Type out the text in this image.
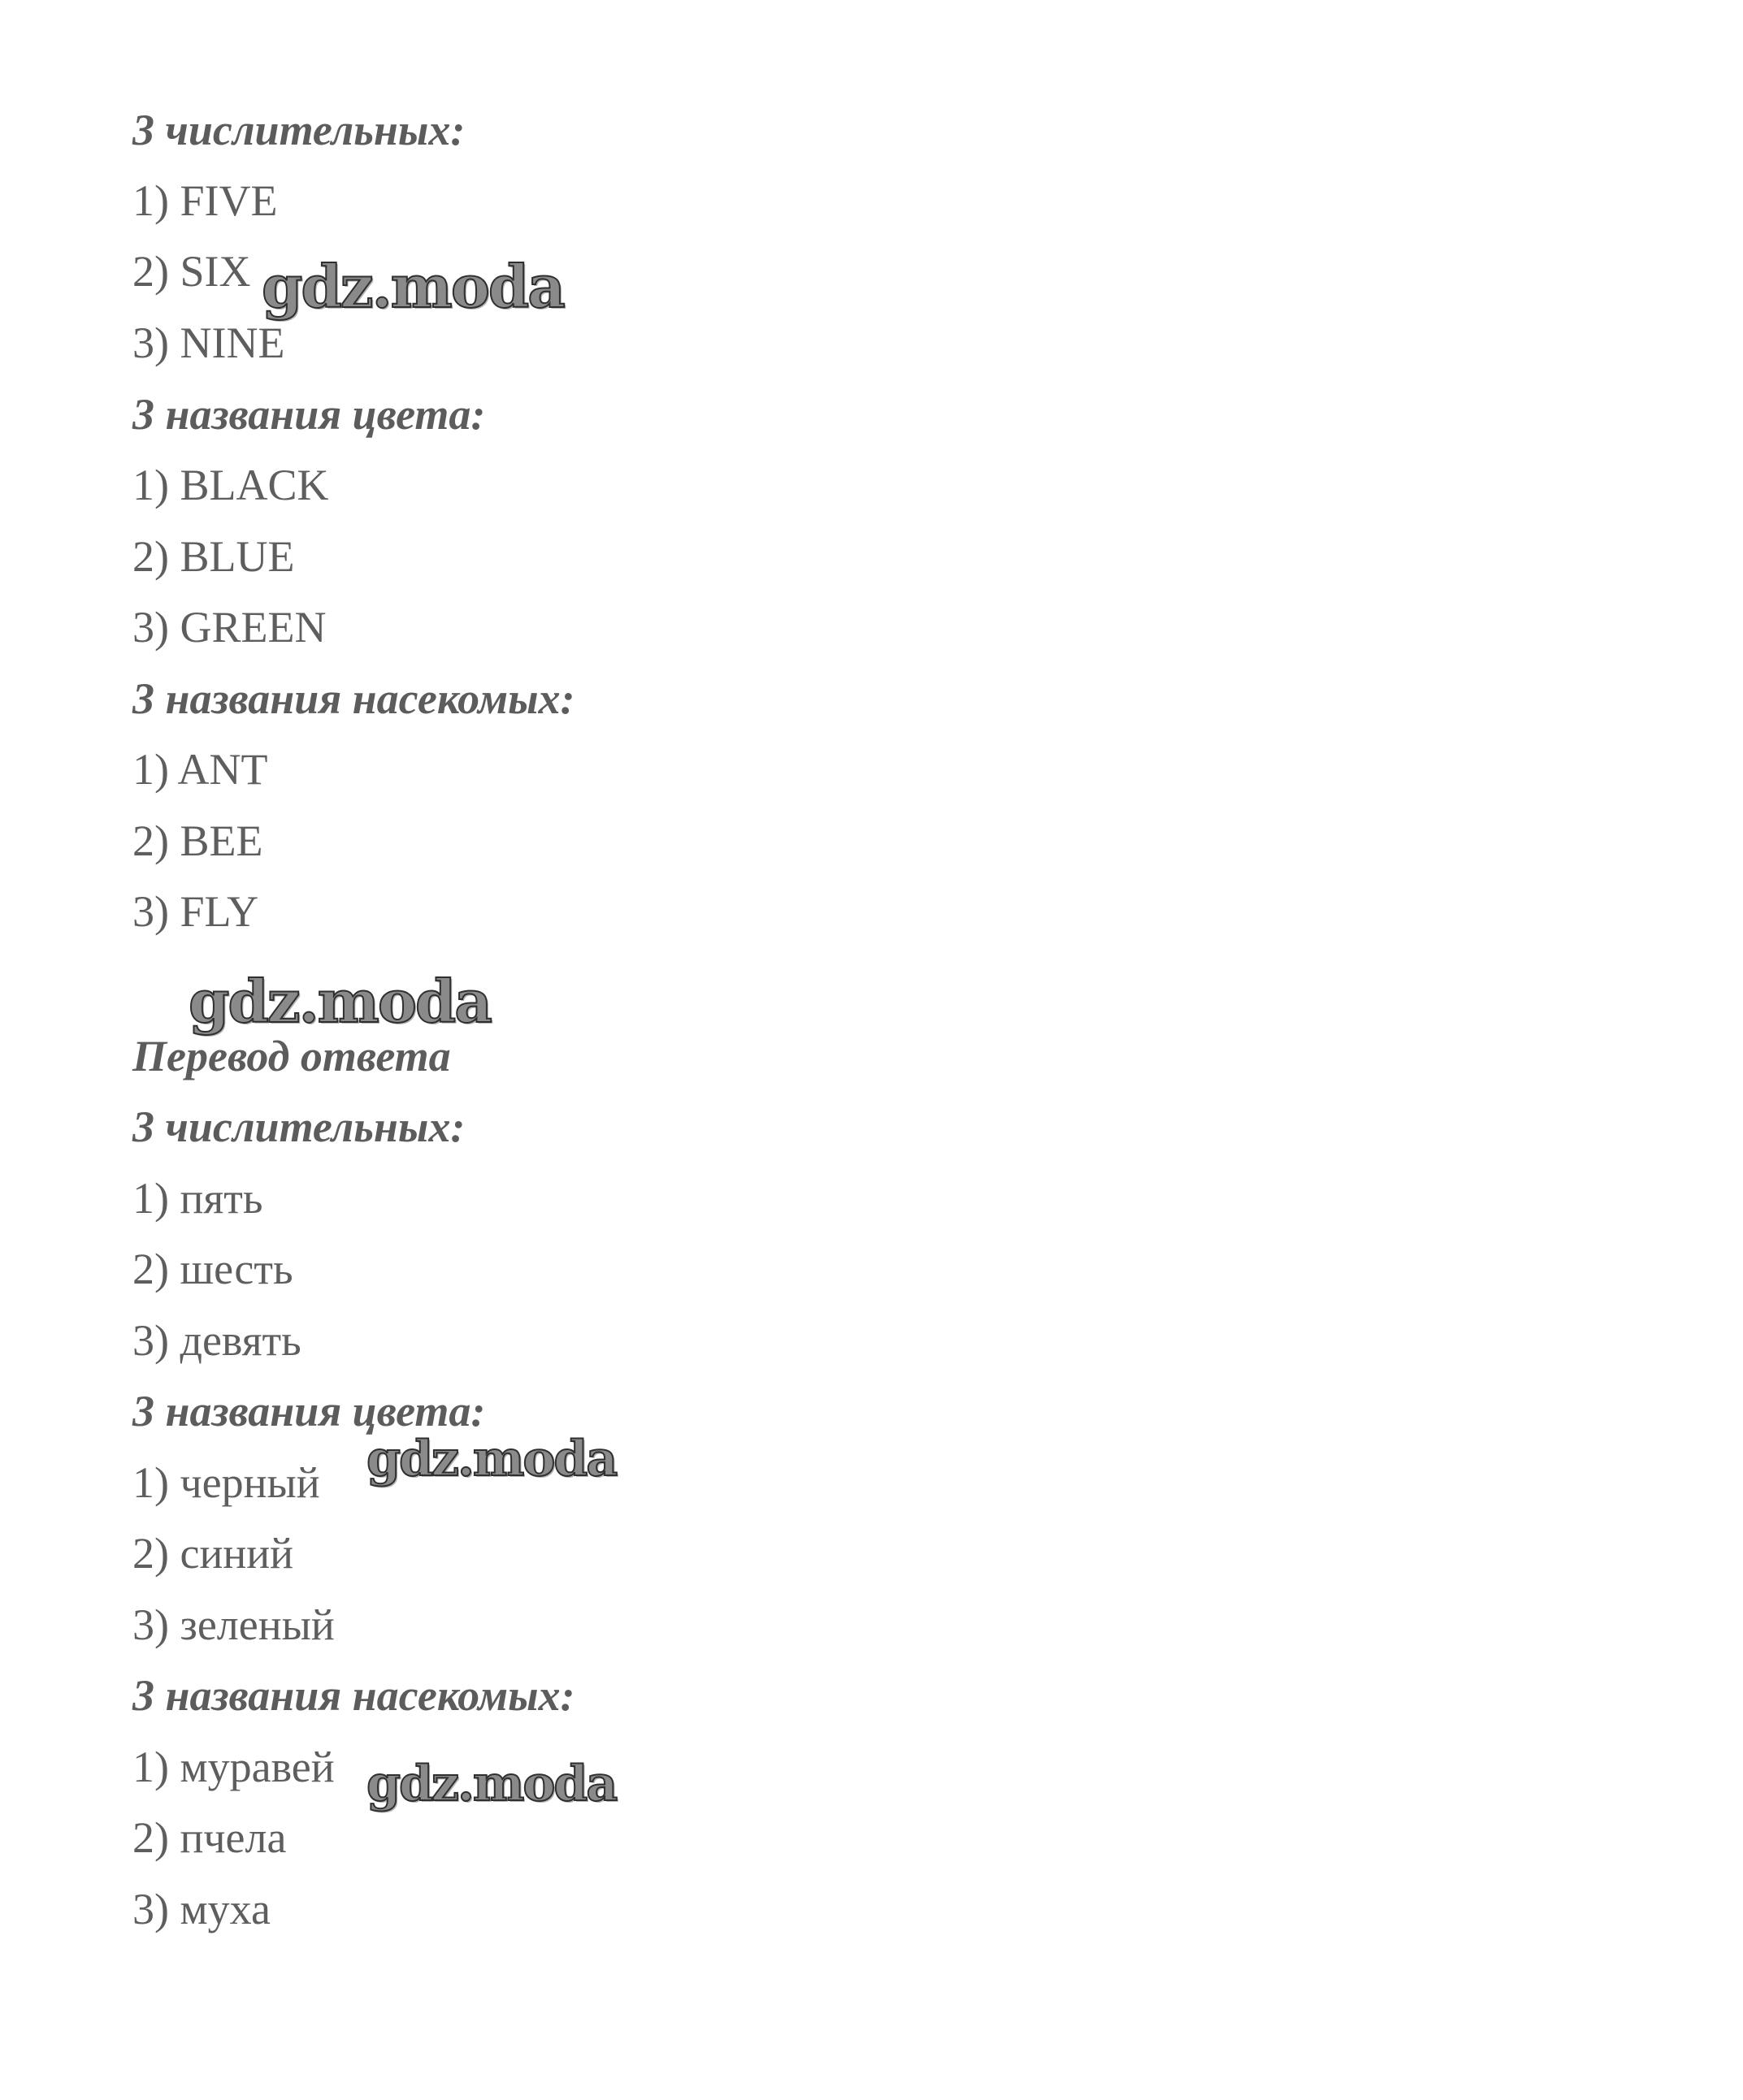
3 числительных:
1) FIVE
2) SIX
3) NINE
3 названия цвета:
1) BLACK
2) BLUE
3) GREEN
3 названия насекомых:
1) ANT
2) BEE
3) FLY
Перевод ответа
3 числительных:
1) пять
2) шесть
3) девять
3 названия цвета:
1) черный
2) синий
3) зеленый
3 названия насекомых:
1) муравей
2) пчела
3) муха
gdz.moda
gdz.moda
gdz.moda
gdz.moda
